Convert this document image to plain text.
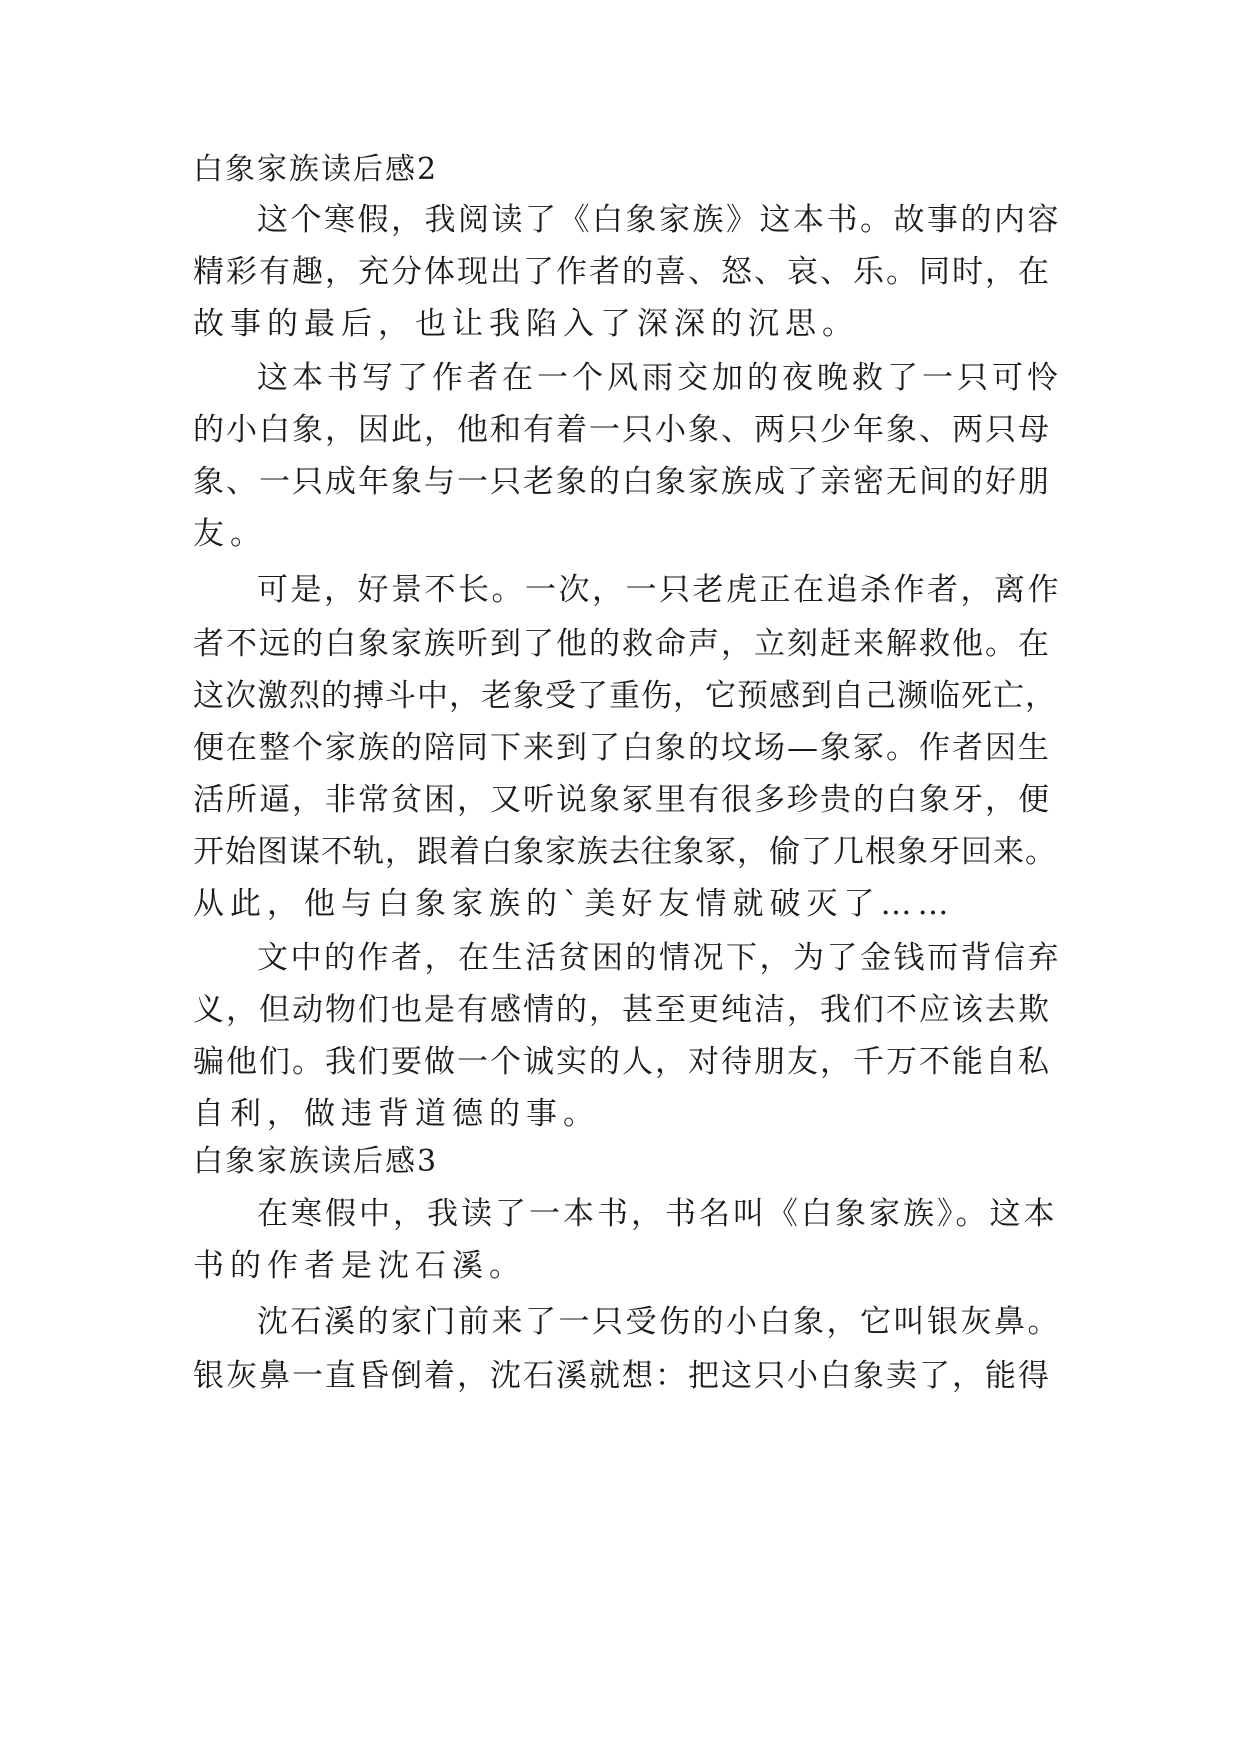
白象家族读后感2
这个寒假，我阅读了《白象家族》这本书。故事的内容
精彩有趣，充分体现出了作者的喜、怒、哀、乐。同时，在
故事的最后，也让我陷入了深深的沉思。
这本书写了作者在一个风雨交加的夜晚救了一只可怜
的小白象，因此，他和有着一只小象、两只少年象、两只母
象、一只成年象与一只老象的白象家族成了亲密无间的好朋
友。
可是，好景不长。一次，一只老虎正在追杀作者，离作
者不远的白象家族听到了他的救命声，立刻赶来解救他。在
这次激烈的搏斗中，老象受了重伤，它预感到自己濒临死亡，
便在整个家族的陪同下来到了白象的坟场—象冢。作者因生
活所逼，非常贫困，又听说象冢里有很多珍贵的白象牙，便
开始图谋不轨，跟着白象家族去往象冢，偷了几根象牙回来。
从此，他与白象家族的`美好友情就破灭了……
文中的作者，在生活贫困的情况下，为了金钱而背信弃
义，但动物们也是有感情的，甚至更纯洁，我们不应该去欺
骗他们。我们要做一个诚实的人，对待朋友，千万不能自私
自利，做违背道德的事。
白象家族读后感3
在寒假中，我读了一本书，书名叫《白象家族》。这本
书的作者是沈石溪。
沈石溪的家门前来了一只受伤的小白象，它叫银灰鼻。
银灰鼻一直昏倒着，沈石溪就想：把这只小白象卖了，能得
